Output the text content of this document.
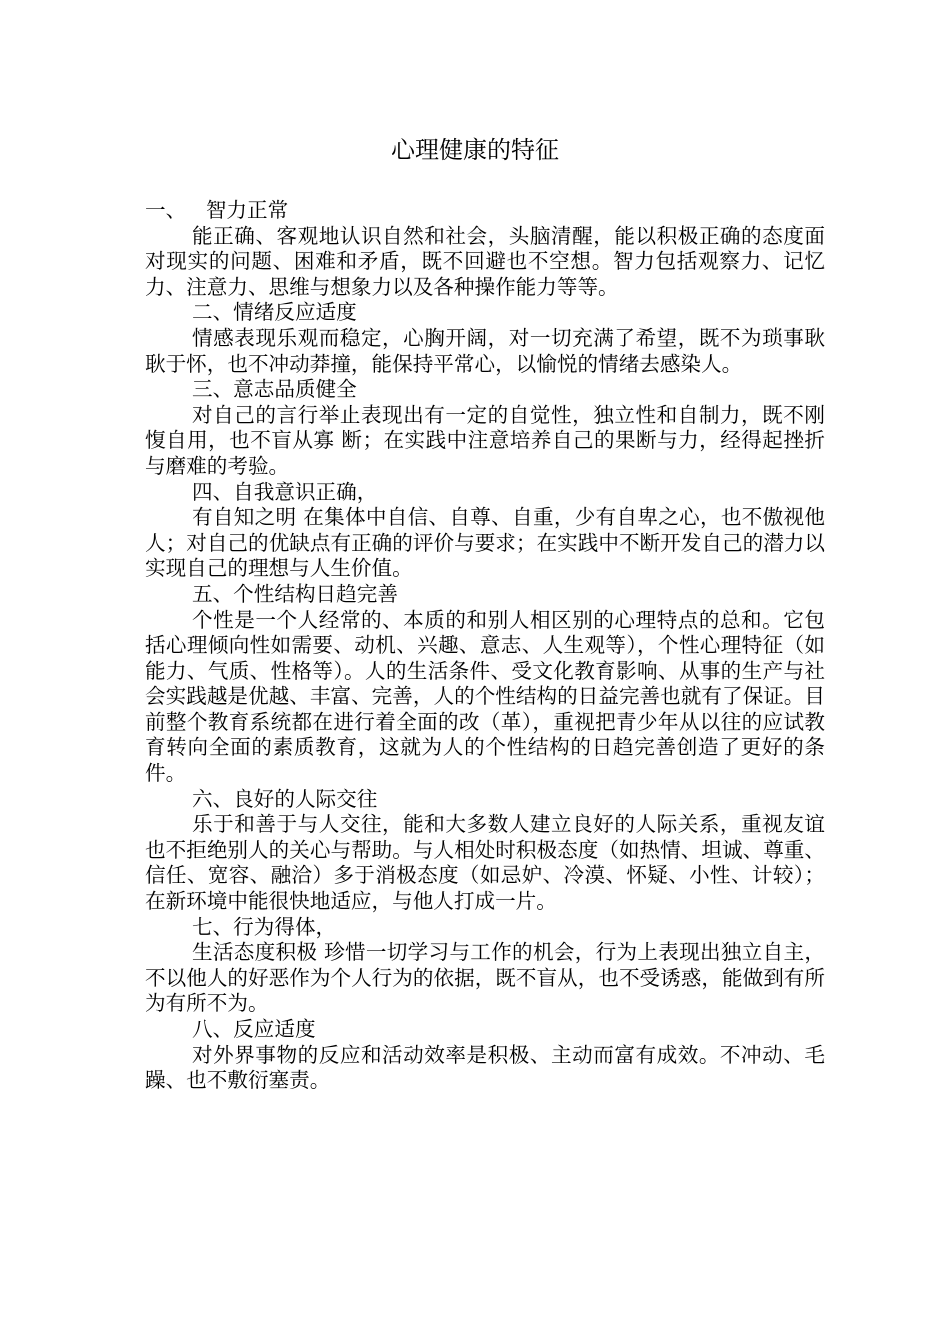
心理健康的特征

一、   智力正常

能正确、客观地认识自然和社会，头脑清醒，能以积极正确的态度面对现实的问题、困难和矛盾，既不回避也不空想。智力包括观察力、记忆力、注意力、思维与想象力以及各种操作能力等等。

二、情绪反应适度

情感表现乐观而稳定，心胸开阔，对一切充满了希望，既不为琐事耿耿于怀，也不冲动莽撞，能保持平常心，以愉悦的情绪去感染人。

三、意志品质健全

对自己的言行举止表现出有一定的自觉性，独立性和自制力，既不刚愎自用，也不盲从寡 断；在实践中注意培养自己的果断与力，经得起挫折与磨难的考验。

四、自我意识正确，

有自知之明 在集体中自信、自尊、自重，少有自卑之心，也不傲视他人；对自己的优缺点有正确的评价与要求；在实践中不断开发自己的潜力以实现自己的理想与人生价值。

五、个性结构日趋完善

个性是一个人经常的、本质的和别人相区别的心理特点的总和。它包括心理倾向性如需要、动机、兴趣、意志、人生观等），个性心理特征（如能力、气质、性格等）。人的生活条件、受文化教育影响、从事的生产与社会实践越是优越、丰富、完善，人的个性结构的日益完善也就有了保证。目前整个教育系统都在进行着全面的改（革），重视把青少年从以往的应试教育转向全面的素质教育，这就为人的个性结构的日趋完善创造了更好的条件。

六、良好的人际交往

乐于和善于与人交往，能和大多数人建立良好的人际关系，重视友谊也不拒绝别人的关心与帮助。与人相处时积极态度（如热情、坦诚、尊重、信任、宽容、融洽）多于消极态度（如忌妒、冷漠、怀疑、小性、计较）；在新环境中能很快地适应，与他人打成一片。

七、行为得体，

生活态度积极 珍惜一切学习与工作的机会，行为上表现出独立自主，不以他人的好恶作为个人行为的依据，既不盲从，也不受诱惑，能做到有所为有所不为。

八、反应适度

对外界事物的反应和活动效率是积极、主动而富有成效。不冲动、毛躁、也不敷衍塞责。
